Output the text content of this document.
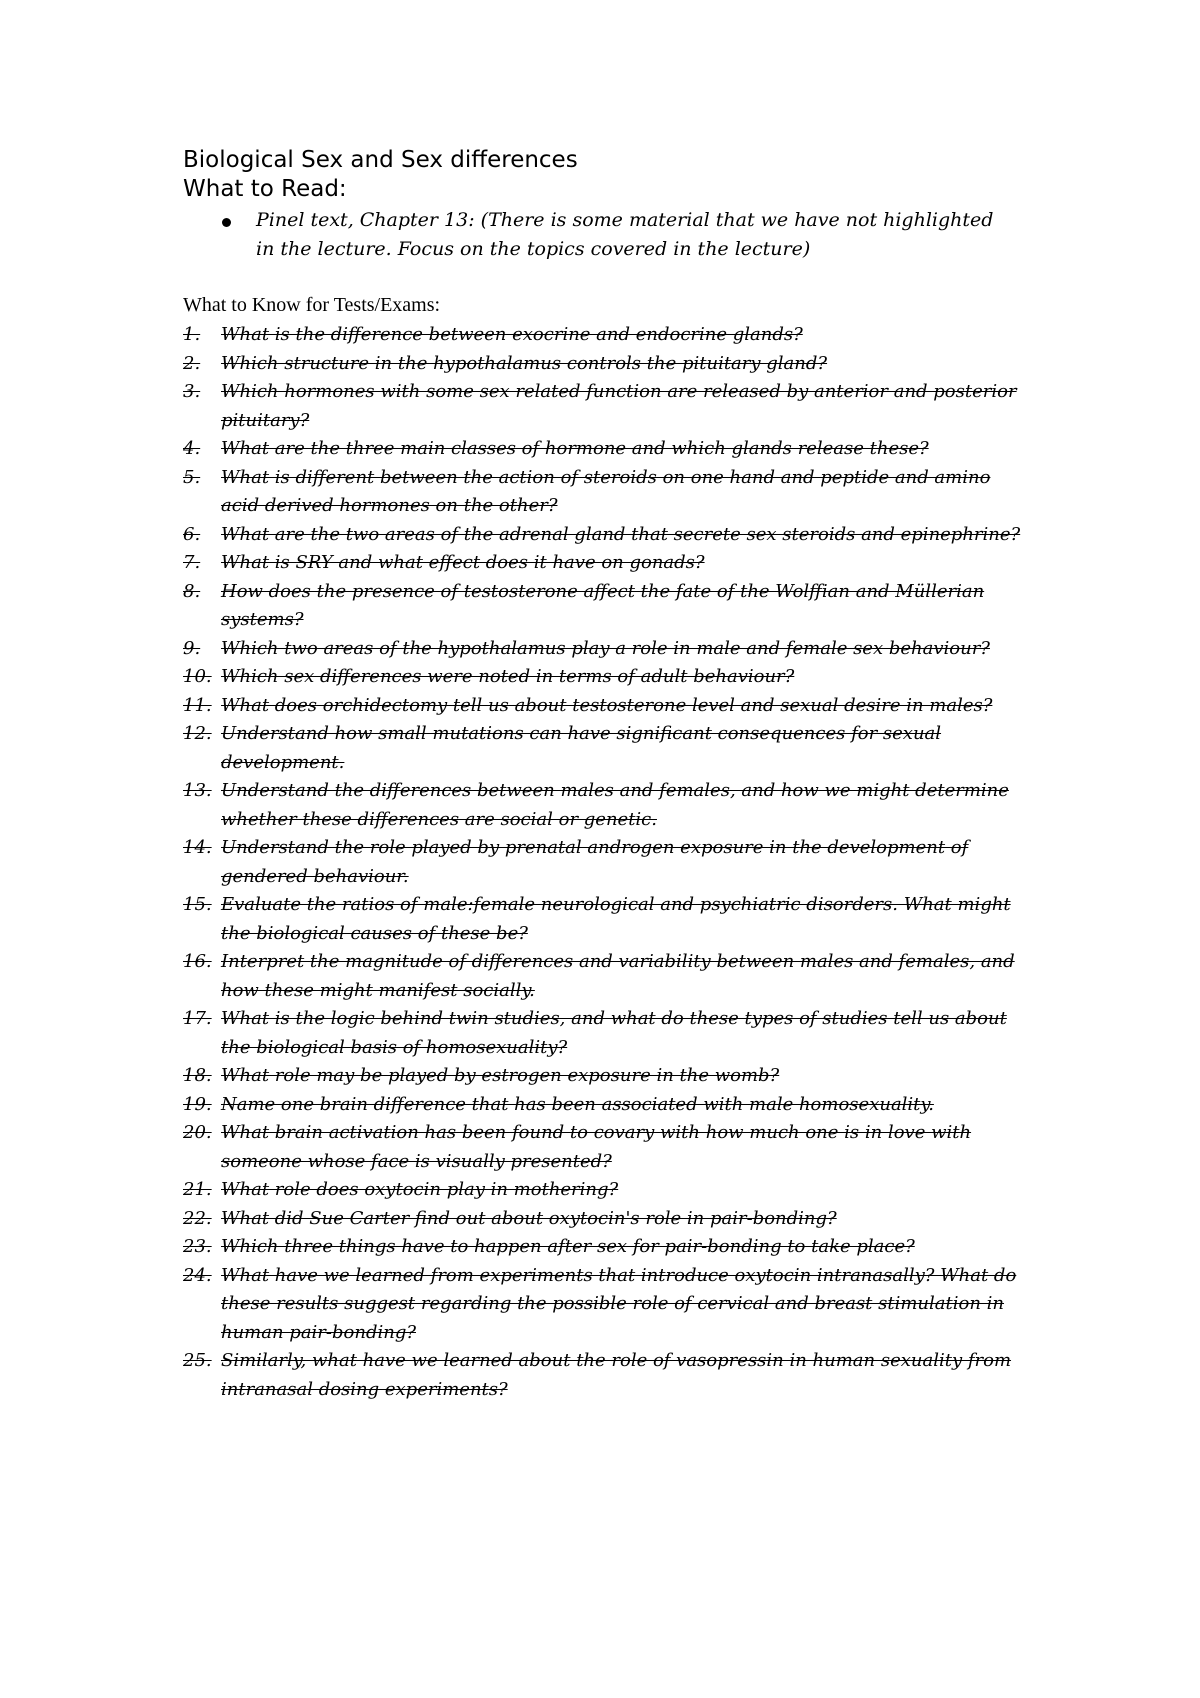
Biological Sex and Sex differences
What to Read:
Pinel text, Chapter 13: (There is some material that we have not highlighted in the lecture. Focus on the topics covered in the lecture)

What to Know for Tests/Exams:

1. What is the difference between exocrine and endocrine glands?
2. Which structure in the hypothalamus controls the pituitary gland?
3. Which hormones with some sex related function are released by anterior and posterior pituitary?
4. What are the three main classes of hormone and which glands release these?
5. What is different between the action of steroids on one hand and peptide and amino acid derived hormones on the other?
6. What are the two areas of the adrenal gland that secrete sex steroids and epinephrine?
7. What is SRY and what effect does it have on gonads?
8. How does the presence of testosterone affect the fate of the Wolffian and Müllerian systems?
9. Which two areas of the hypothalamus play a role in male and female sex behaviour?
10. Which sex differences were noted in terms of adult behaviour?
11. What does orchidectomy tell us about testosterone level and sexual desire in males?
12. Understand how small mutations can have significant consequences for sexual development.
13. Understand the differences between males and females, and how we might determine whether these differences are social or genetic.
14. Understand the role played by prenatal androgen exposure in the development of gendered behaviour.
15. Evaluate the ratios of male:female neurological and psychiatric disorders. What might the biological causes of these be?
16. Interpret the magnitude of differences and variability between males and females, and how these might manifest socially.
17. What is the logic behind twin studies, and what do these types of studies tell us about the biological basis of homosexuality?
18. What role may be played by estrogen exposure in the womb?
19. Name one brain difference that has been associated with male homosexuality.
20. What brain activation has been found to covary with how much one is in love with someone whose face is visually presented?
21. What role does oxytocin play in mothering?
22. What did Sue Carter find out about oxytocin's role in pair-bonding?
23. Which three things have to happen after sex for pair-bonding to take place?
24. What have we learned from experiments that introduce oxytocin intranasally? What do these results suggest regarding the possible role of cervical and breast stimulation in human pair-bonding?
25. Similarly, what have we learned about the role of vasopressin in human sexuality from intranasal dosing experiments?
